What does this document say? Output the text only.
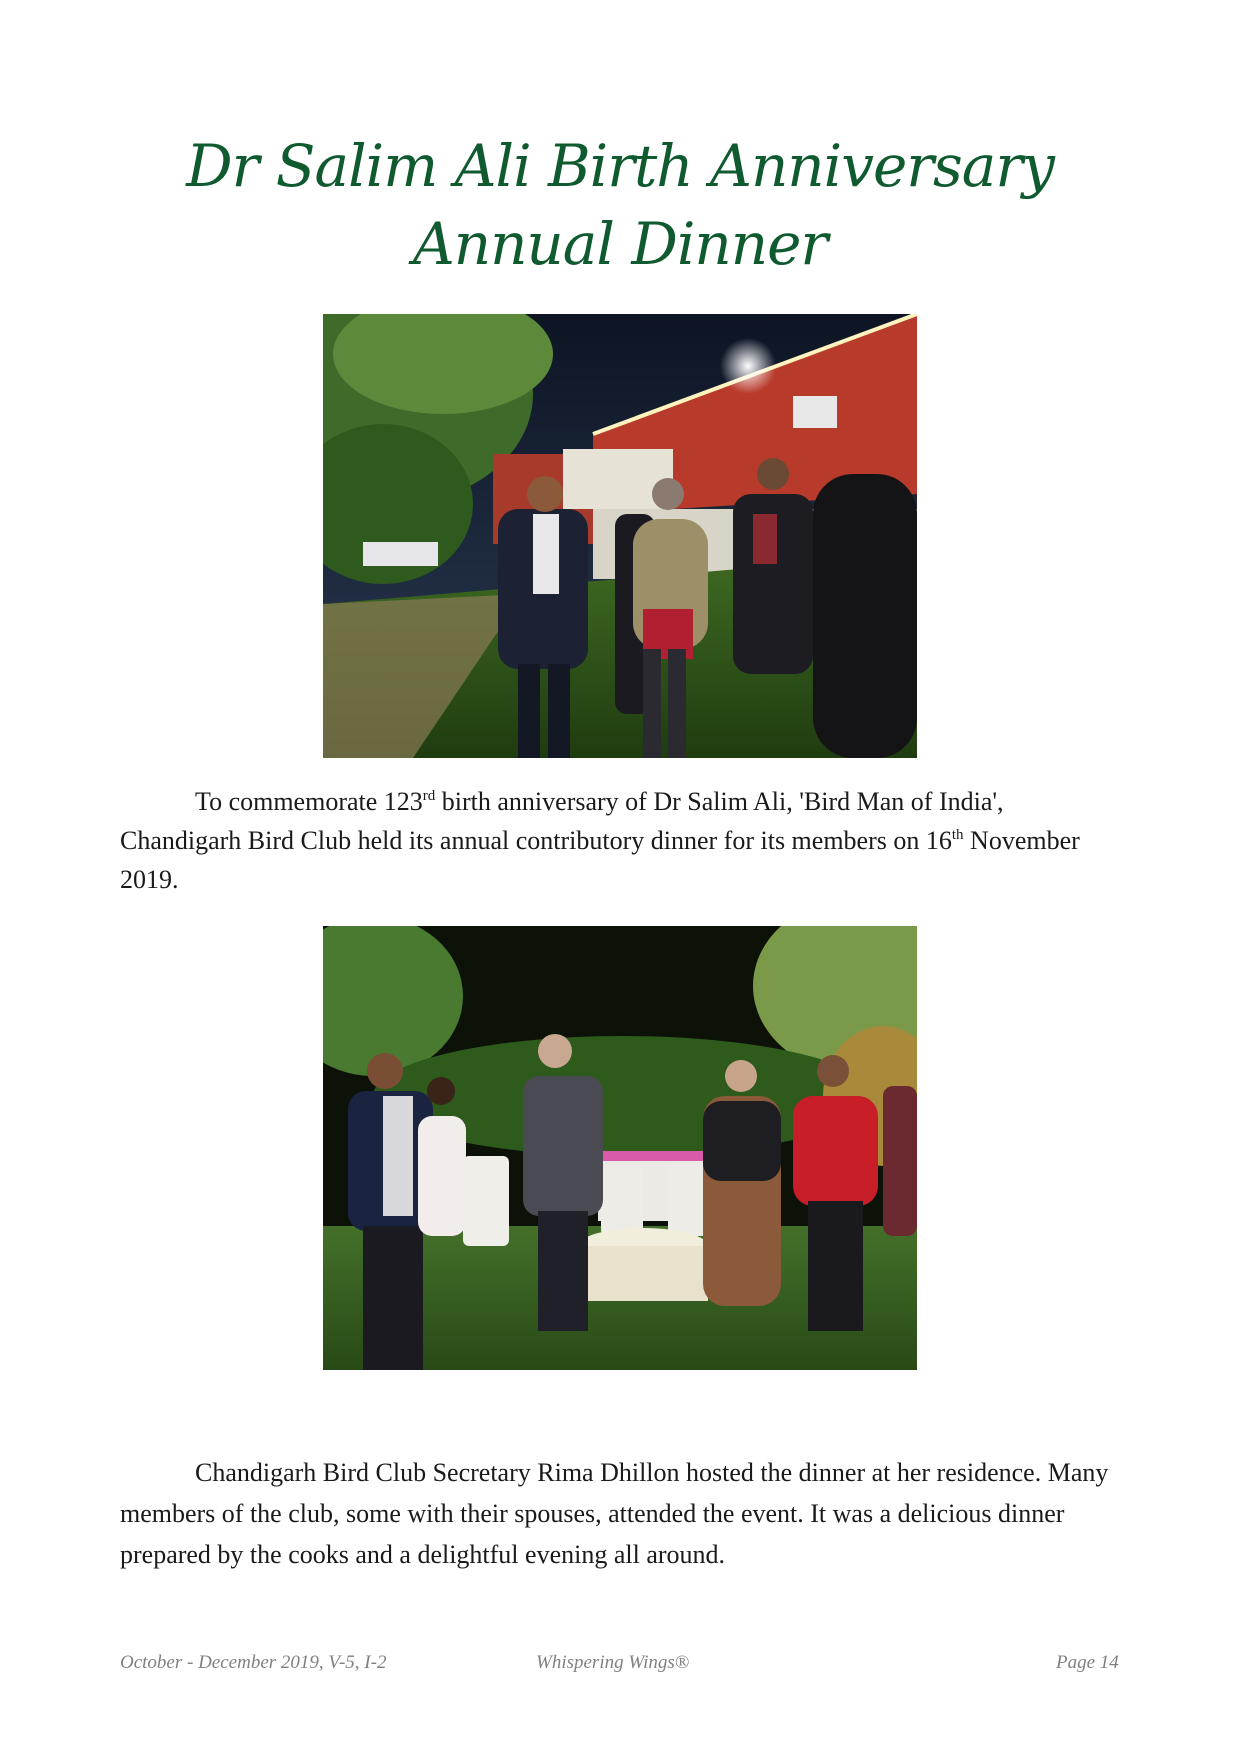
Dr Salim Ali Birth Anniversary
Annual Dinner

To commemorate 123rd birth anniversary of Dr Salim Ali, 'Bird Man of India', Chandigarh Bird Club held its annual contributory dinner for its members on 16th November 2019.

Chandigarh Bird Club Secretary Rima Dhillon hosted the dinner at her residence. Many members of the club, some with their spouses, attended the event. It was a delicious dinner prepared by the cooks and a delightful evening all around.

October - December 2019, V-5, I-2	Whispering Wings®	Page 14
